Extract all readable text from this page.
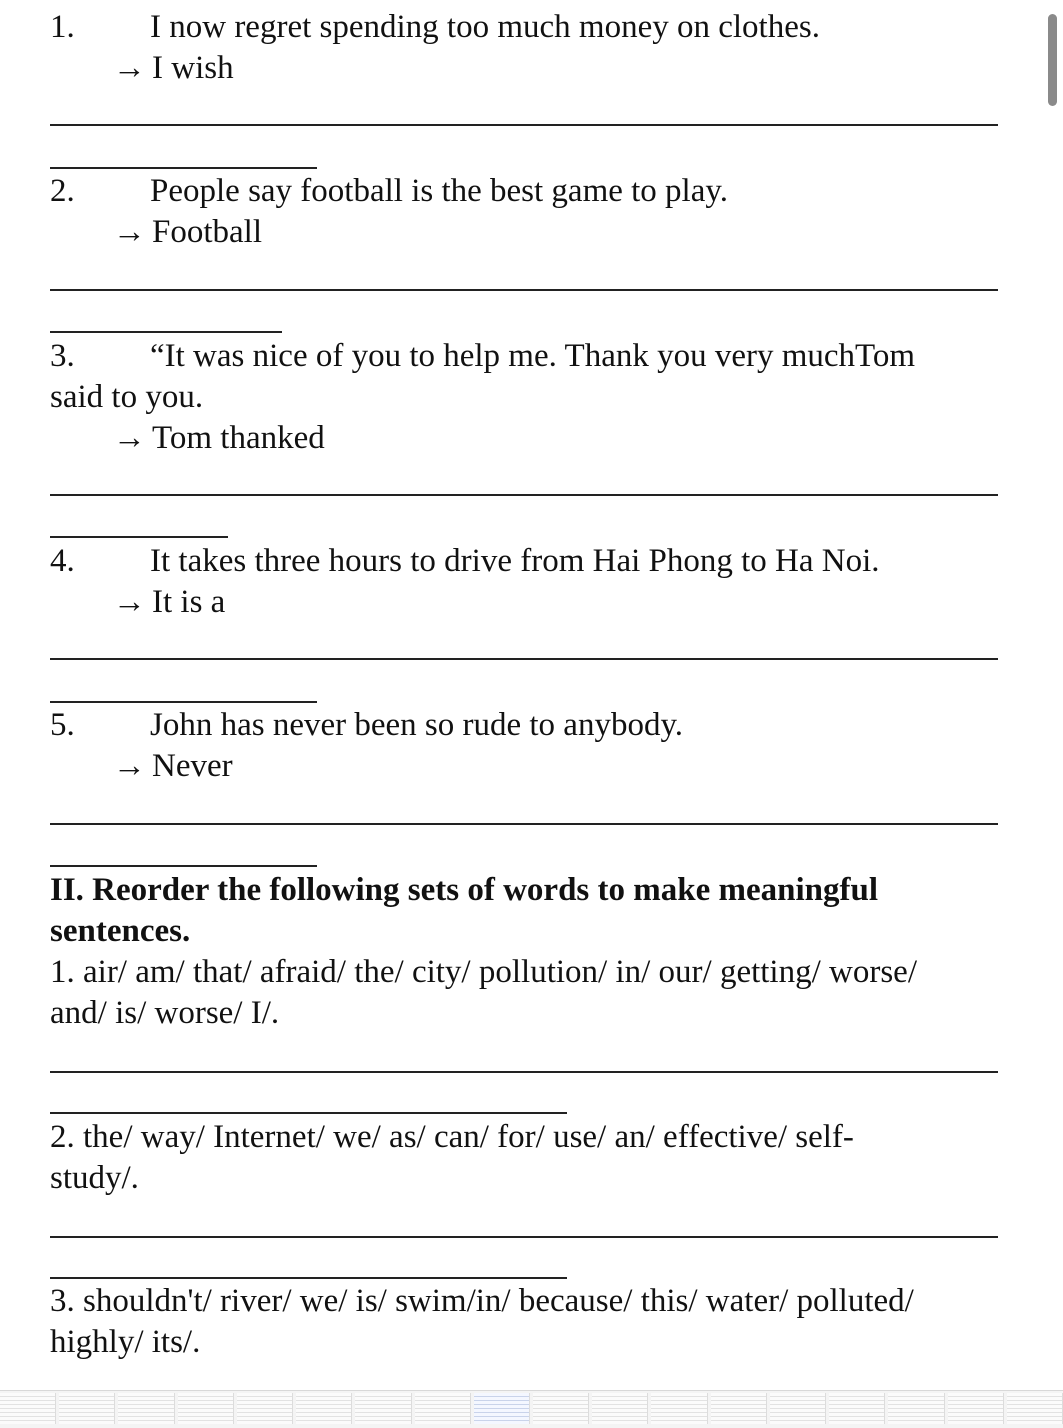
1. I now regret spending too much money on clothes.
→ I wish
2. People say football is the best game to play.
→ Football
3. “It was nice of you to help me. Thank you very muchTom
said to you.
→ Tom thanked
4. It takes three hours to drive from Hai Phong to Ha Noi.
→ It is a
5. John has never been so rude to anybody.
→ Never
II. Reorder the following sets of words to make meaningful
sentences.
1. air/ am/ that/ afraid/ the/ city/ pollution/ in/ our/ getting/ worse/
and/ is/ worse/ I/.
2. the/ way/ Internet/ we/ as/ can/ for/ use/ an/ effective/ self-
study/.
3. shouldn't/ river/ we/ is/ swim/in/ because/ this/ water/ polluted/
highly/ its/.
